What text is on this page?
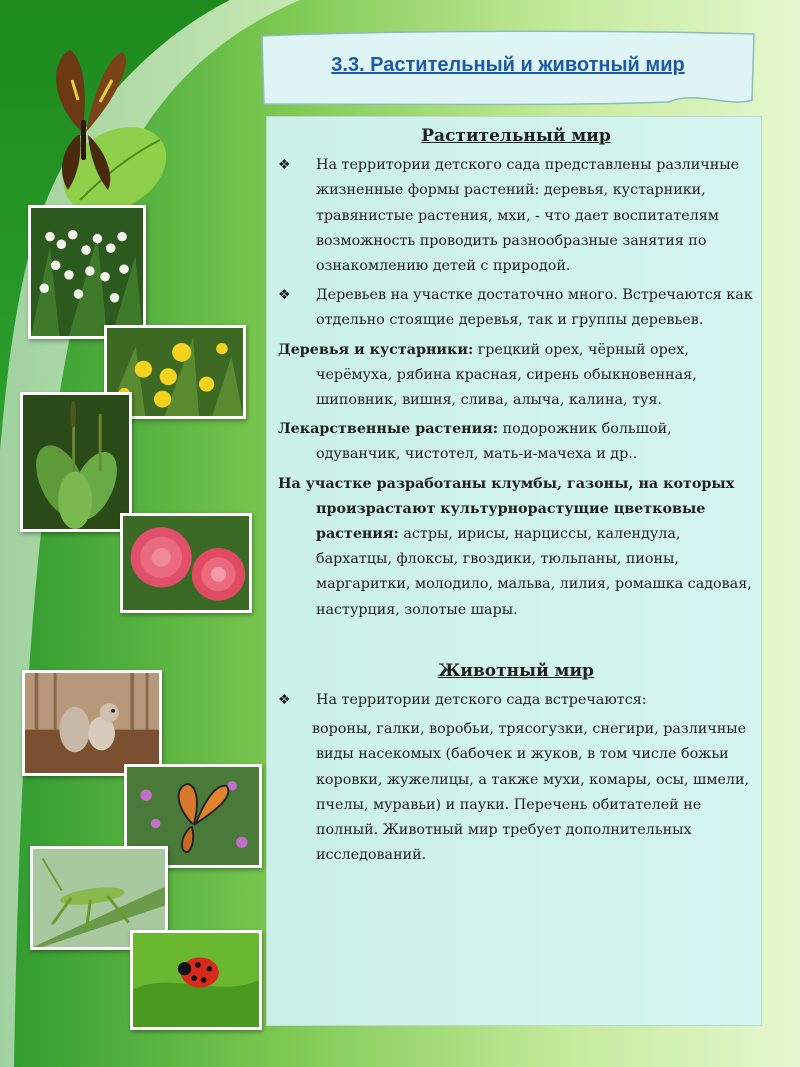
3.3. Растительный и животный мир
Растительный мир

❖ На территории детского сада представлены различные жизненные формы растений: деревья, кустарники, травянистые растения, мхи, - что дает воспитателям возможность проводить разнообразные занятия по ознакомлению детей с природой.

❖ Деревьев на участке достаточно много. Встречаются как отдельно стоящие деревья, так и группы деревьев.

Деревья и кустарники: грецкий орех, чёрный орех, черёмуха, рябина красная, сирень обыкновенная, шиповник, вишня, слива, алыча, калина, туя.

Лекарственные растения: подорожник большой, одуванчик, чистотел, мать-и-мачеха и др..

На участке разработаны клумбы, газоны, на которых произрастают культурнорастущие цветковые растения: астры, ирисы, нарциссы, календула, бархатцы, флоксы, гвоздики, тюльпаны, пионы, маргаритки, молодило, мальва, лилия, ромашка садовая, настурция, золотые шары.

Животный мир

❖ На территории детского сада встречаются:

вороны, галки, воробьи, трясогузки, снегири, различные виды насекомых (бабочек и жуков, в том числе божьи коровки, жужелицы, а также мухи, комары, осы, шмели, пчелы, муравьи) и пауки. Перечень обитателей не полный. Животный мир требует дополнительных исследований.
